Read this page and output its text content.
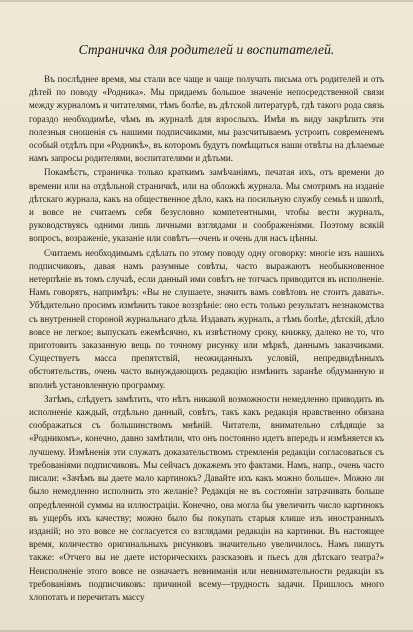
Страничка для родителей и воспитателей.

Въ послѣднее время, мы стали все чаще и чаще получать письма отъ родителей и отъ дѣтей по поводу «Родника». Мы придаемъ большое значеніе непосредственной связи между журналомъ и читателями, тѣмъ болѣе, въ дѣтской литературѣ, гдѣ такого рода связь гораздо необходимѣе, чѣмъ въ журналѣ для взрослыхъ. Имѣя въ виду закрѣпить эти полезныя сношенія съ нашими подписчиками, мы разсчитываемъ устроить современемъ особый отдѣлъ при «Родникѣ», въ которомъ будутъ помѣщаться наши отвѣты на дѣлаемые намъ запросы родителями, воспитателями и дѣтьми.

Покамѣстъ, страничка только краткимъ замѣчаніямъ, печатая ихъ, отъ времени до времени или на отдѣльной страничкѣ, или на обложкѣ журнала. Мы смотримъ на изданіе дѣтскаго журнала, какъ на общественное дѣло, какъ на посильную службу семьѣ и школѣ, и вовсе не считаемъ себя безусловно компетентными, чтобы вести журналъ, руководствуясь одними лишь личными взглядами и соображеніями. Поэтому всякій вопросъ, возраженіе, указаніе или совѣтъ—очень и очень для насъ цѣнны.

Считаемъ необходимымъ сдѣлать по этому поводу одну оговорку: многіе изъ нашихъ подписчиковъ, давая намъ разумные совѣты, часто выражаютъ необыкновенное нетерпѣніе въ томъ случаѣ, если данный ими совѣтъ не тотчасъ приводится въ исполненіе. Намъ говорятъ, напримѣръ: «Вы не слушаете, значитъ вамъ совѣтовъ не стоитъ давать». Убѣдительно просимъ измѣнить такое воззрѣніе: оно есть только результатъ незнакомства съ внутренней стороной журнальнаго дѣла. Издавать журналъ, а тѣмъ болѣе, дѣтскій, дѣло вовсе не легкое; выпускать ежемѣсячно, къ извѣстному сроку, книжку, далеко не то, что приготовить заказанную вещь по точному рисунку или мѣркѣ, даннымъ заказчиками. Существуетъ масса препятствій, неожиданныхъ условій, непредвидѣнныхъ обстоятельствъ, очень часто вынуждающихъ редакцію измѣнить заранѣе обдуманную и вполнѣ установленную программу.

Затѣмъ, слѣдуетъ замѣтить, что нѣтъ никакой возможности немедленно приводить въ исполненіе каждый, отдѣльно данный, совѣтъ, такъ какъ редакція нравственно обязана соображаться съ большинствомъ мнѣній. Читатели, внимательно слѣдящіе за «Родникомъ», конечно, давно замѣтили, что онъ постоянно идетъ впередъ и измѣняется къ лучшему. Измѣненія эти служатъ доказательствомъ стремленія редакціи согласоваться съ требованіями подписчиковъ. Мы сейчасъ докажемъ это фактами. Намъ, напр., очень часто писали: «Зачѣмъ вы даете мало картинокъ? Давайте ихъ какъ можно больше». Можно ли было немедленно исполнить это желаніе? Редакція не въ состояніи затрачивать больше опредѣленной суммы на иллюстраціи. Конечно, она могла бы увеличить число картинокъ въ ущербъ ихъ качеству; можно было бы покупать старыя клише изъ иностранныхъ изданій; но это вовсе не согласуется со взглядами редакціи на картинки. Въ настоящее время, количество оригинальныхъ рисунковъ значительно увеличилось. Намъ пишутъ также: «Отчего вы не даете историческихъ разсказовъ и пьесъ для дѣтскаго театра?» Неисполненіе этого вовсе не означаетъ невниманія или невнимательности редакціи къ требованіямъ подписчиковъ: причиной всему—трудность задачи. Пришлось много хлопотать и перечитать массу
